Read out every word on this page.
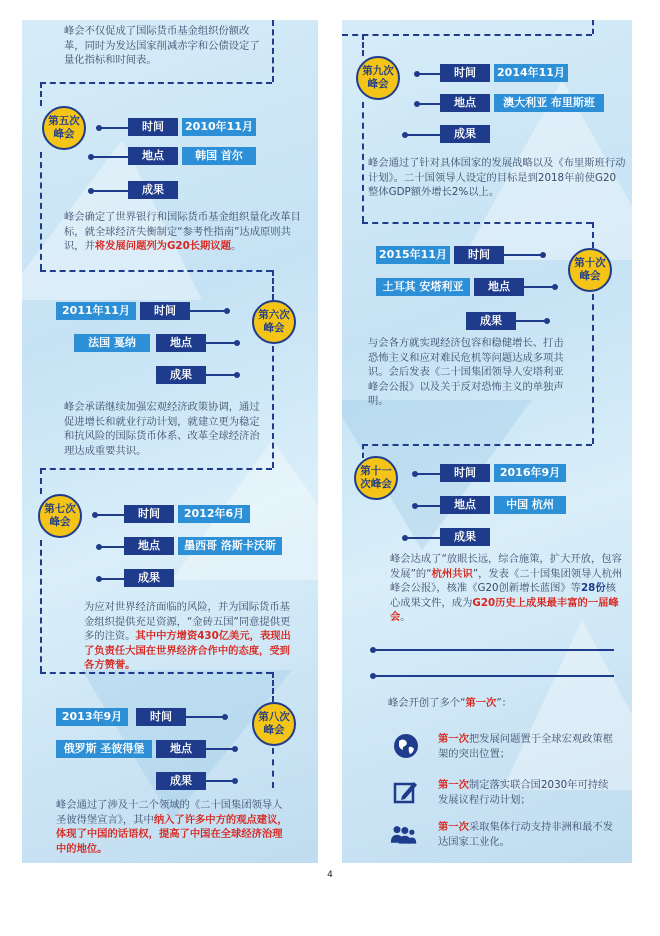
峰会不仅促成了国际货币基金组织份额改革，同时为发达国家削减赤字和公债设定了量化指标和时间表。
第五次峰会
时间	2010年11月
地点	韩国 首尔
成果
峰会确定了世界银行和国际货币基金组织量化改革目标，就全球经济失衡制定“参考性指南”达成原则共识，并将发展问题列为G20长期议题。
第六次峰会
2011年11月	时间
法国 戛纳	地点
成果
峰会承诺继续加强宏观经济政策协调，通过促进增长和就业行动计划，就建立更为稳定和抗风险的国际货币体系、改革全球经济治理达成重要共识。
第七次峰会
时间	2012年6月
地点	墨西哥 洛斯卡沃斯
成果
为应对世界经济面临的风险，并为国际货币基金组织提供充足资源，“金砖五国”同意提供更多的注资。其中中方增资430亿美元，表现出了负责任大国在世界经济合作中的态度，受到各方赞誉。
第八次峰会
2013年9月	时间
俄罗斯 圣彼得堡	地点
成果
峰会通过了涉及十二个领域的《二十国集团领导人圣彼得堡宣言》，其中纳入了许多中方的观点建议，体现了中国的话语权，提高了中国在全球经济治理中的地位。
第九次峰会
时间	2014年11月
地点	澳大利亚 布里斯班
成果
峰会通过了针对具体国家的发展战略以及《布里斯班行动计划》。二十国领导人设定的目标是到2018年前使G20整体GDP额外增长2%以上。
第十次峰会
2015年11月	时间
土耳其 安塔利亚	地点
成果
与会各方就实现经济包容和稳健增长、打击恐怖主义和应对难民危机等问题达成多项共识。会后发表《二十国集团领导人安塔利亚峰会公报》以及关于反对恐怖主义的单独声明。
第十一次峰会
时间	2016年9月
地点	中国 杭州
成果
峰会达成了“放眼长远，综合施策，扩大开放，包容发展”的“杭州共识”，发表《二十国集团领导人杭州峰会公报》，核准《G20创新增长蓝图》等28份核心成果文件，成为G20历史上成果最丰富的一届峰会。
峰会开创了多个“第一次”：
第一次把发展问题置于全球宏观政策框架的突出位置；
第一次制定落实联合国2030年可持续发展议程行动计划；
第一次采取集体行动支持非洲和最不发达国家工业化。
4
